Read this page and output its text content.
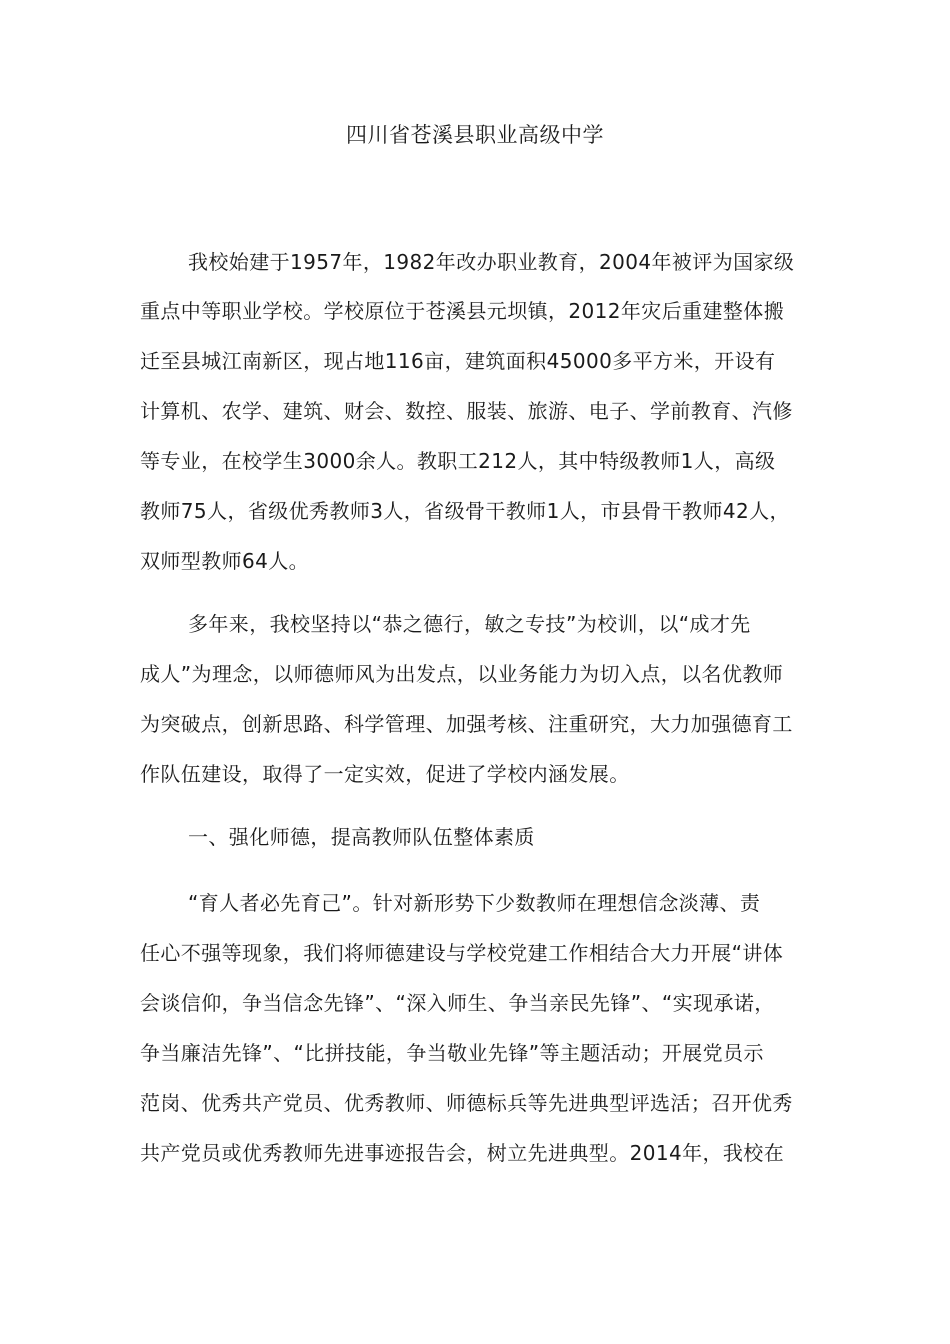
四川省苍溪县职业高级中学
我校始建于1957年，1982年改办职业教育，2004年被评为国家级
重点中等职业学校。学校原位于苍溪县元坝镇，2012年灾后重建整体搬
迁至县城江南新区，现占地116亩，建筑面积45000多平方米，开设有
计算机、农学、建筑、财会、数控、服装、旅游、电子、学前教育、汽修
等专业，在校学生3000余人。教职工212人，其中特级教师1人，高级
教师75人，省级优秀教师3人，省级骨干教师1人，市县骨干教师42人，
双师型教师64人。
多年来，我校坚持以“恭之德行，敏之专技”为校训，以“成才先
成人”为理念，以师德师风为出发点，以业务能力为切入点，以名优教师
为突破点，创新思路、科学管理、加强考核、注重研究，大力加强德育工
作队伍建设，取得了一定实效，促进了学校内涵发展。
一、强化师德，提高教师队伍整体素质
“育人者必先育己”。针对新形势下少数教师在理想信念淡薄、责
任心不强等现象，我们将师德建设与学校党建工作相结合大力开展“讲体
会谈信仰，争当信念先锋”、“深入师生、争当亲民先锋”、“实现承诺，
争当廉洁先锋”、“比拼技能，争当敬业先锋”等主题活动；开展党员示
范岗、优秀共产党员、优秀教师、师德标兵等先进典型评选活；召开优秀
共产党员或优秀教师先进事迹报告会，树立先进典型。2014年，我校在
